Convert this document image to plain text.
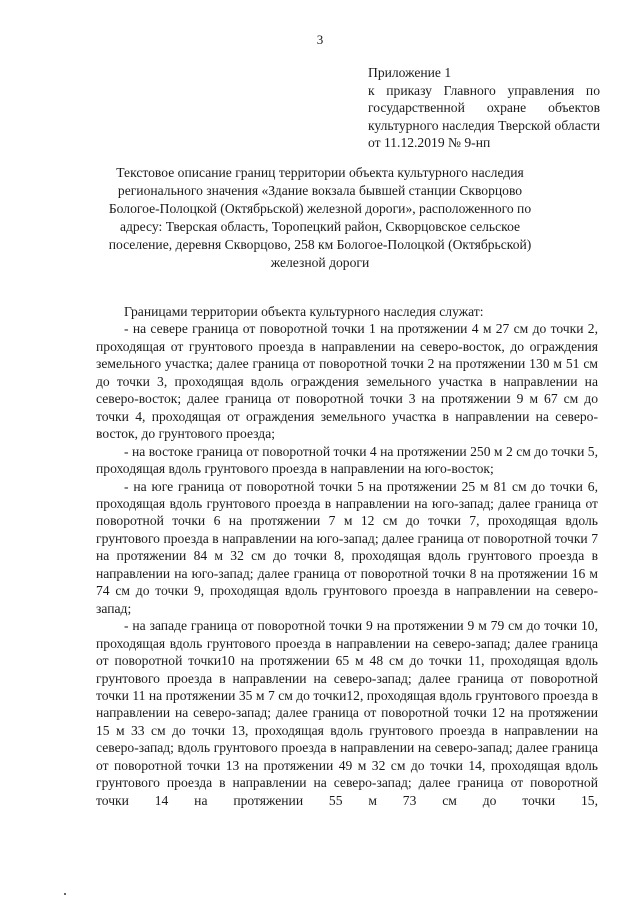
3
Приложение 1
к приказу Главного управления по государственной охране объектов культурного наследия Тверской области от 11.12.2019 № 9-нп
Текстовое описание границ территории объекта культурного наследия регионального значения «Здание вокзала бывшей станции Скворцово Бологое-Полоцкой (Октябрьской) железной дороги», расположенного по адресу: Тверская область, Торопецкий район, Скворцовское сельское поселение, деревня Скворцово, 258 км Бологое-Полоцкой (Октябрьской) железной дороги

Границами территории объекта культурного наследия служат:

- на севере граница от поворотной точки 1 на протяжении 4 м 27 см до точки 2, проходящая от грунтового проезда в направлении на северо-восток, до ограждения земельного участка; далее граница от поворотной точки 2 на протяжении 130 м 51 см до точки 3, проходящая вдоль ограждения земельного участка в направлении на северо-восток; далее граница от поворотной точки 3 на протяжении 9 м 67 см до точки 4, проходящая от ограждения земельного участка в направлении на северо-восток, до грунтового проезда;

- на востоке граница от поворотной точки 4 на протяжении 250 м 2 см до точки 5, проходящая вдоль грунтового проезда в направлении на юго-восток;

- на юге граница от поворотной точки 5 на протяжении 25 м 81 см до точки 6, проходящая вдоль грунтового проезда в направлении на юго-запад; далее граница от поворотной точки 6 на протяжении 7 м 12 см до точки 7, проходящая вдоль грунтового проезда в направлении на юго-запад; далее граница от поворотной точки 7 на протяжении 84 м 32 см до точки 8, проходящая вдоль грунтового проезда в направлении на юго-запад; далее граница от поворотной точки 8 на протяжении 16 м 74 см до точки 9, проходящая вдоль грунтового проезда в направлении на северо-запад;

- на западе граница от поворотной точки 9 на протяжении 9 м 79 см до точки 10, проходящая вдоль грунтового проезда в направлении на северо-запад; далее граница от поворотной точки10 на протяжении 65 м 48 см до точки 11, проходящая вдоль грунтового проезда в направлении на северо-запад; далее граница от поворотной точки 11 на протяжении 35 м 7 см до точки12, проходящая вдоль грунтового проезда в направлении на северо-запад; далее граница от поворотной точки 12 на протяжении 15 м 33 см до точки 13, проходящая вдоль грунтового проезда в направлении на северо-запад; вдоль грунтового проезда в направлении на северо-запад; далее граница от поворотной точки 13 на протяжении 49 м 32 см до точки 14, проходящая вдоль грунтового проезда в направлении на северо-запад; далее граница от поворотной точки 14 на протяжении 55 м 73 см до точки 15,
